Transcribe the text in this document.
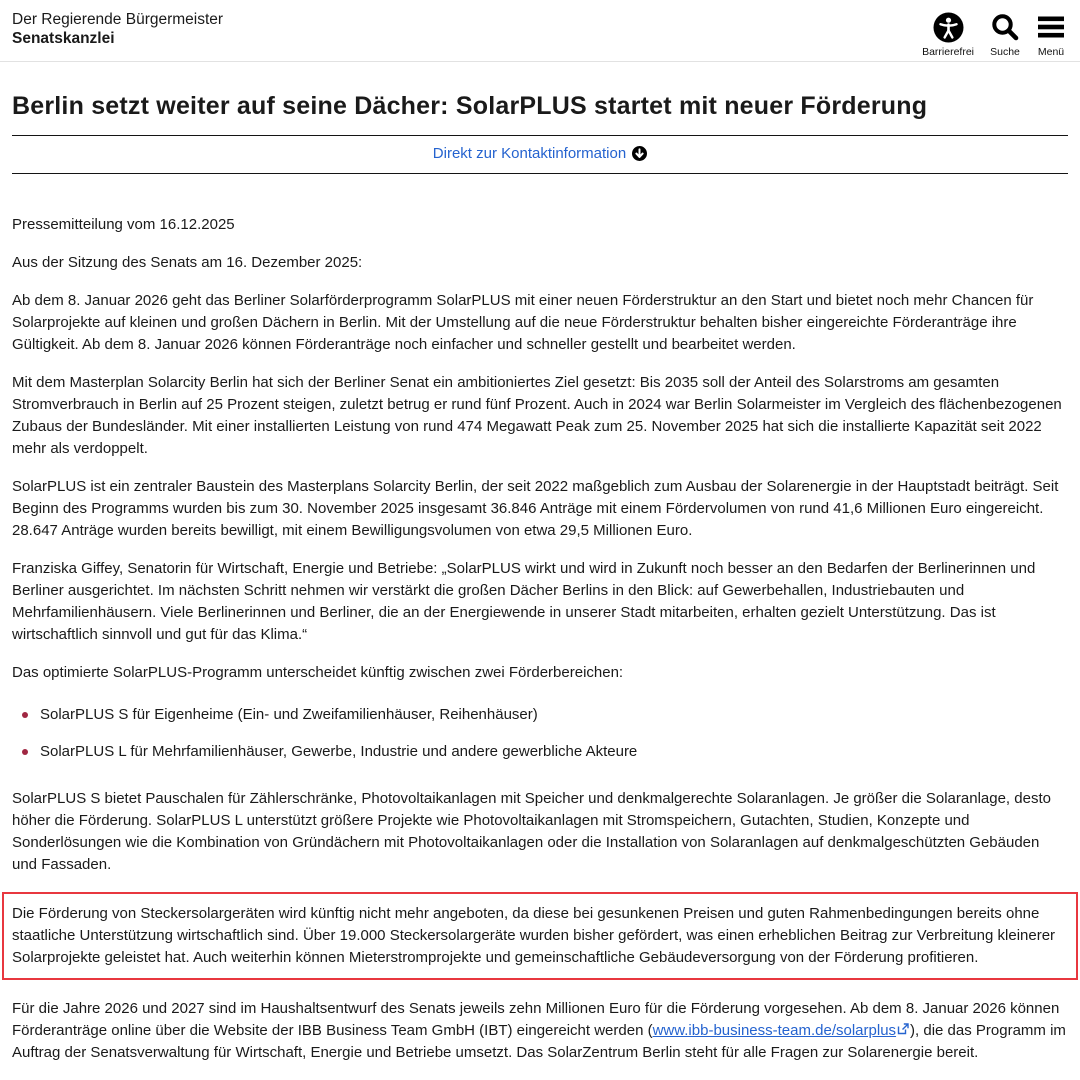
Der Regierende Bürgermeister
Senatskanzlei
Barrierefrei Suche Menü
Berlin setzt weiter auf seine Dächer: SolarPLUS startet mit neuer Förderung
Direkt zur Kontaktinformation

Pressemitteilung vom 16.12.2025

Aus der Sitzung des Senats am 16. Dezember 2025:

Ab dem 8. Januar 2026 geht das Berliner Solarförderprogramm SolarPLUS mit einer neuen Förderstruktur an den Start und bietet noch mehr Chancen für Solarprojekte auf kleinen und großen Dächern in Berlin. Mit der Umstellung auf die neue Förderstruktur behalten bisher eingereichte Förderanträge ihre Gültigkeit. Ab dem 8. Januar 2026 können Förderanträge noch einfacher und schneller gestellt und bearbeitet werden.

Mit dem Masterplan Solarcity Berlin hat sich der Berliner Senat ein ambitioniertes Ziel gesetzt: Bis 2035 soll der Anteil des Solarstroms am gesamten Stromverbrauch in Berlin auf 25 Prozent steigen, zuletzt betrug er rund fünf Prozent. Auch in 2024 war Berlin Solarmeister im Vergleich des flächenbezogenen Zubaus der Bundesländer. Mit einer installierten Leistung von rund 474 Megawatt Peak zum 25. November 2025 hat sich die installierte Kapazität seit 2022 mehr als verdoppelt.

SolarPLUS ist ein zentraler Baustein des Masterplans Solarcity Berlin, der seit 2022 maßgeblich zum Ausbau der Solarenergie in der Hauptstadt beiträgt. Seit Beginn des Programms wurden bis zum 30. November 2025 insgesamt 36.846 Anträge mit einem Fördervolumen von rund 41,6 Millionen Euro eingereicht. 28.647 Anträge wurden bereits bewilligt, mit einem Bewilligungsvolumen von etwa 29,5 Millionen Euro.

Franziska Giffey, Senatorin für Wirtschaft, Energie und Betriebe: „SolarPLUS wirkt und wird in Zukunft noch besser an den Bedarfen der Berlinerinnen und Berliner ausgerichtet. Im nächsten Schritt nehmen wir verstärkt die großen Dächer Berlins in den Blick: auf Gewerbehallen, Industriebauten und Mehrfamilienhäusern. Viele Berlinerinnen und Berliner, die an der Energiewende in unserer Stadt mitarbeiten, erhalten gezielt Unterstützung. Das ist wirtschaftlich sinnvoll und gut für das Klima.“

Das optimierte SolarPLUS-Programm unterscheidet künftig zwischen zwei Förderbereichen:

SolarPLUS S für Eigenheime (Ein- und Zweifamilienhäuser, Reihenhäuser)
SolarPLUS L für Mehrfamilienhäuser, Gewerbe, Industrie und andere gewerbliche Akteure

SolarPLUS S bietet Pauschalen für Zählerschränke, Photovoltaikanlagen mit Speicher und denkmalgerechte Solaranlagen. Je größer die Solaranlage, desto höher die Förderung. SolarPLUS L unterstützt größere Projekte wie Photovoltaikanlagen mit Stromspeichern, Gutachten, Studien, Konzepte und Sonderlösungen wie die Kombination von Gründächern mit Photovoltaikanlagen oder die Installation von Solaranlagen auf denkmalgeschützten Gebäuden und Fassaden.

Die Förderung von Steckersolargeräten wird künftig nicht mehr angeboten, da diese bei gesunkenen Preisen und guten Rahmenbedingungen bereits ohne staatliche Unterstützung wirtschaftlich sind. Über 19.000 Steckersolargeräte wurden bisher gefördert, was einen erheblichen Beitrag zur Verbreitung kleinerer Solarprojekte geleistet hat. Auch weiterhin können Mieterstromprojekte und gemeinschaftliche Gebäudeversorgung von der Förderung profitieren.

Für die Jahre 2026 und 2027 sind im Haushaltsentwurf des Senats jeweils zehn Millionen Euro für die Förderung vorgesehen. Ab dem 8. Januar 2026 können Förderanträge online über die Website der IBB Business Team GmbH (IBT) eingereicht werden (www.ibb-business-team.de/solarplus ), die das Programm im Auftrag der Senatsverwaltung für Wirtschaft, Energie und Betriebe umsetzt. Das SolarZentrum Berlin steht für alle Fragen zur Solarenergie bereit.
